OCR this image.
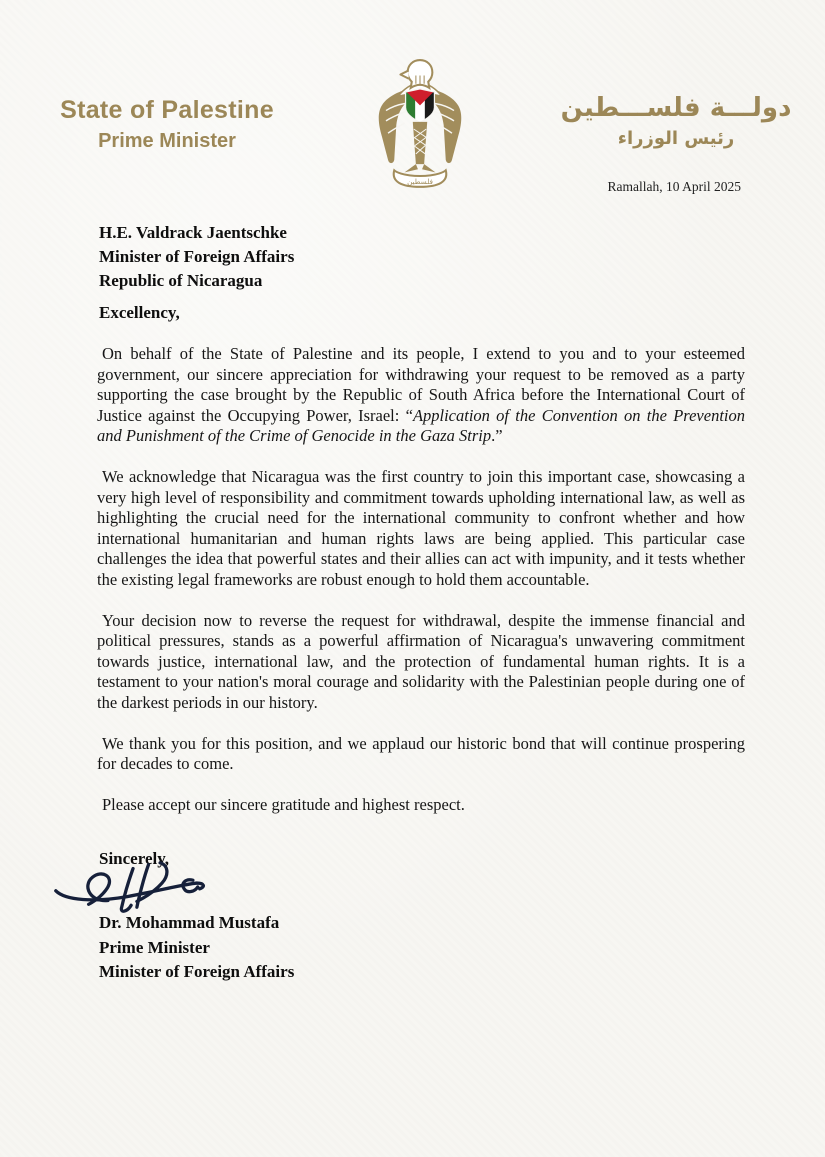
State of Palestine
Prime Minister
فلسطين
دولـــة فلســـطين
رئيس الوزراء
Ramallah, 10 April 2025
H.E. Valdrack Jaentschke
Minister of Foreign Affairs
Republic of Nicaragua
Excellency,

On behalf of the State of Palestine and its people, I extend to you and to your esteemed government, our sincere appreciation for withdrawing your request to be removed as a party supporting the case brought by the Republic of South Africa before the International Court of Justice against the Occupying Power, Israel: “Application of the Convention on the Prevention and Punishment of the Crime of Genocide in the Gaza Strip.”

We acknowledge that Nicaragua was the first country to join this important case, showcasing a very high level of responsibility and commitment towards upholding international law, as well as highlighting the crucial need for the international community to confront whether and how international humanitarian and human rights laws are being applied. This particular case challenges the idea that powerful states and their allies can act with impunity, and it tests whether the existing legal frameworks are robust enough to hold them accountable.

Your decision now to reverse the request for withdrawal, despite the immense financial and political pressures, stands as a powerful affirmation of Nicaragua's unwavering commitment towards justice, international law, and the protection of fundamental human rights. It is a testament to your nation's moral courage and solidarity with the Palestinian people during one of the darkest periods in our history.

We thank you for this position, and we applaud our historic bond that will continue prospering for decades to come.

Please accept our sincere gratitude and highest respect.

Sincerely,
Dr. Mohammad Mustafa
Prime Minister
Minister of Foreign Affairs
